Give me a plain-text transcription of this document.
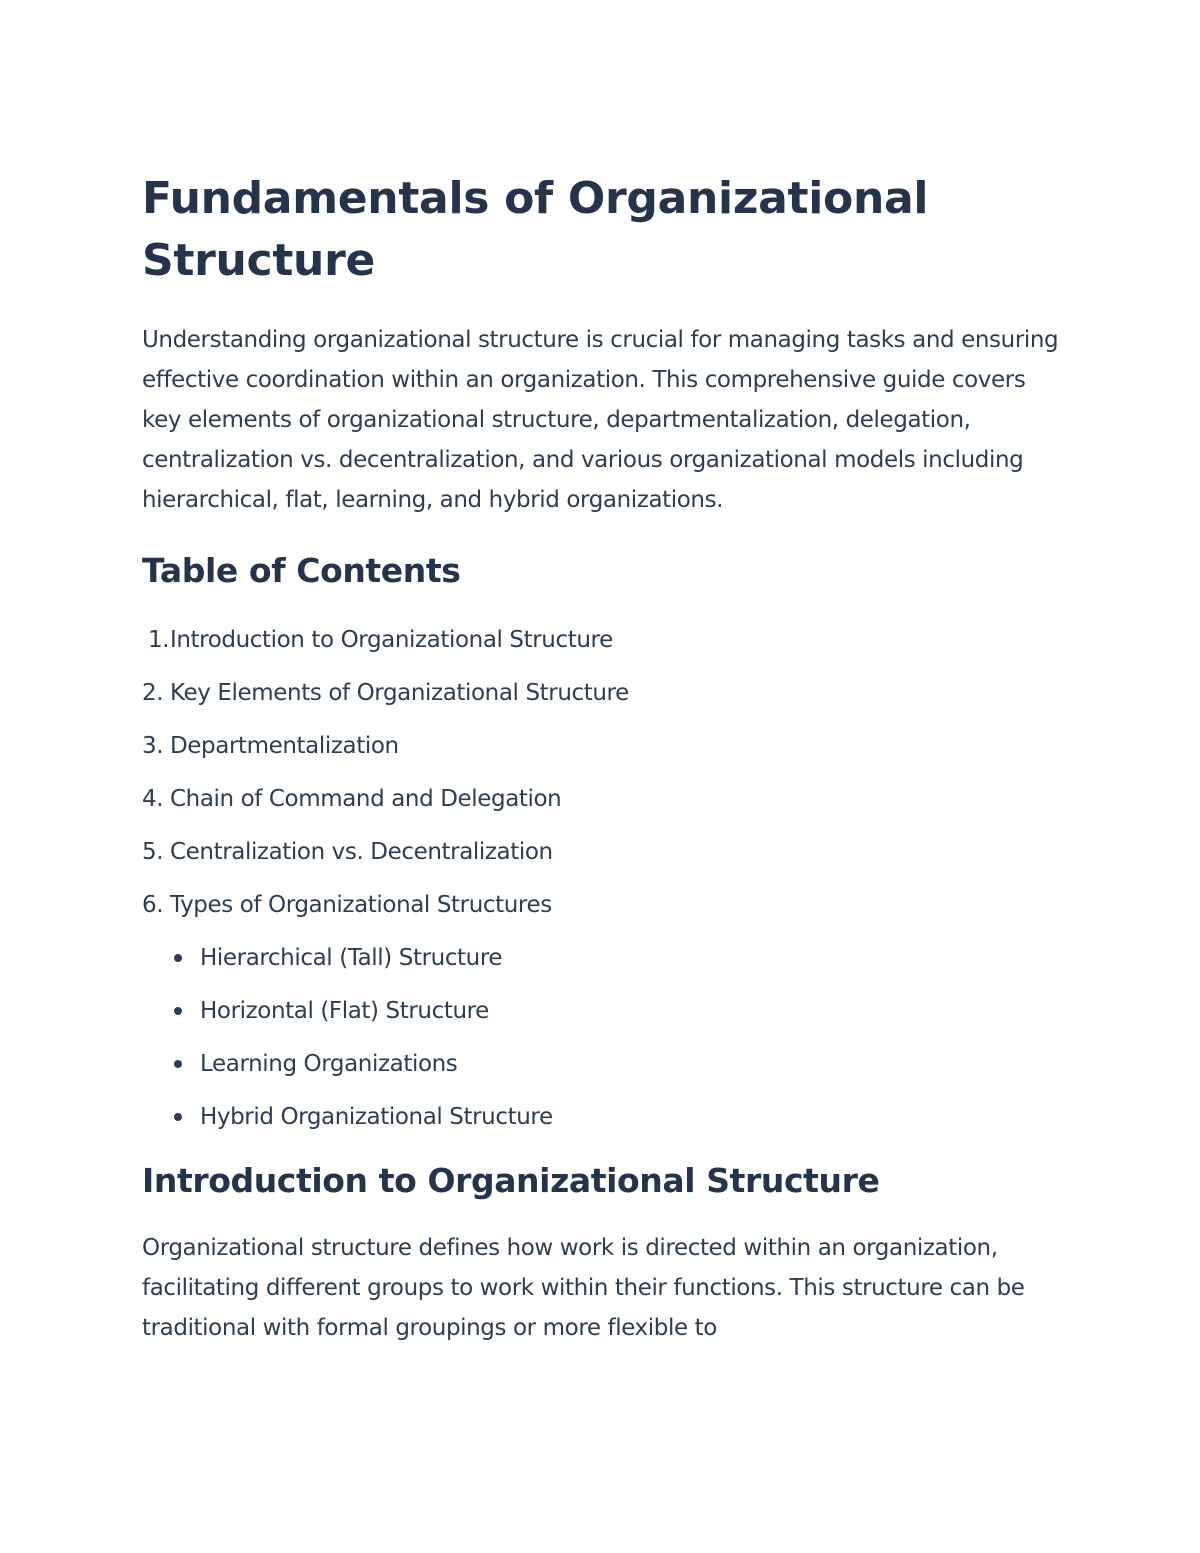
Fundamentals of Organizational Structure

Understanding organizational structure is crucial for managing tasks and ensuring effective coordination within an organization. This comprehensive guide covers key elements of organizational structure, departmentalization, delegation, centralization vs. decentralization, and various organizational models including hierarchical, flat, learning, and hybrid organizations.

Table of Contents
1.Introduction to Organizational Structure
2. Key Elements of Organizational Structure
3. Departmentalization
4. Chain of Command and Delegation
5. Centralization vs. Decentralization
6. Types of Organizational Structures
Hierarchical (Tall) Structure
Horizontal (Flat) Structure
Learning Organizations
Hybrid Organizational Structure
Introduction to Organizational Structure

Organizational structure defines how work is directed within an organization, facilitating different groups to work within their functions. This structure can be traditional with formal groupings or more flexible to
